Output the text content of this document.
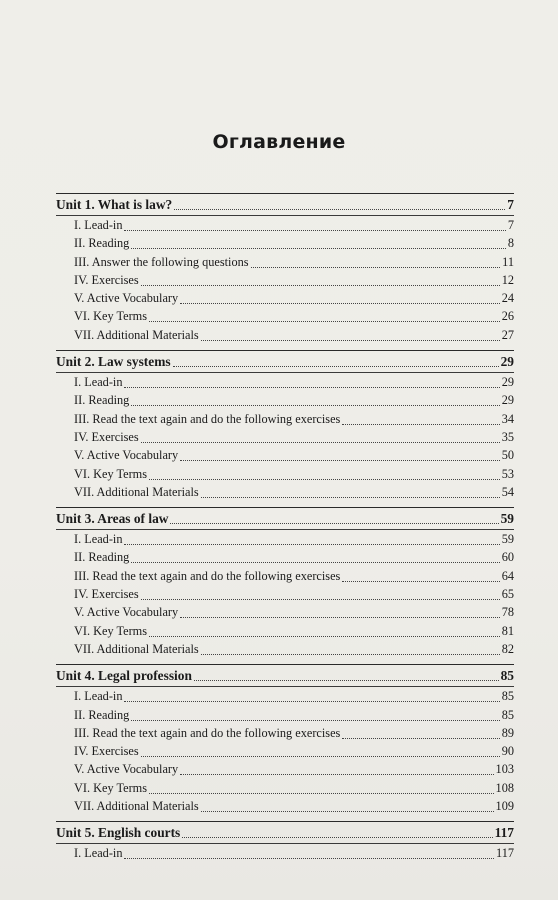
Оглавление
Unit 1. What is law?	7
I. Lead-in	7
II. Reading	8
III. Answer the following questions	11
IV. Exercises	12
V. Active Vocabulary	24
VI. Key Terms	26
VII. Additional Materials	27
Unit 2. Law systems	29
I. Lead-in	29
II. Reading	29
III. Read the text again and do the following exercises	34
IV. Exercises	35
V. Active Vocabulary	50
VI. Key Terms	53
VII. Additional Materials	54
Unit 3. Areas of law	59
I. Lead-in	59
II. Reading	60
III. Read the text again and do the following exercises	64
IV. Exercises	65
V. Active Vocabulary	78
VI. Key Terms	81
VII. Additional Materials	82
Unit 4. Legal profession	85
I. Lead-in	85
II. Reading	85
III. Read the text again and do the following exercises	89
IV. Exercises	90
V. Active Vocabulary	103
VI. Key Terms	108
VII. Additional Materials	109
Unit 5. English courts	117
I. Lead-in	117
